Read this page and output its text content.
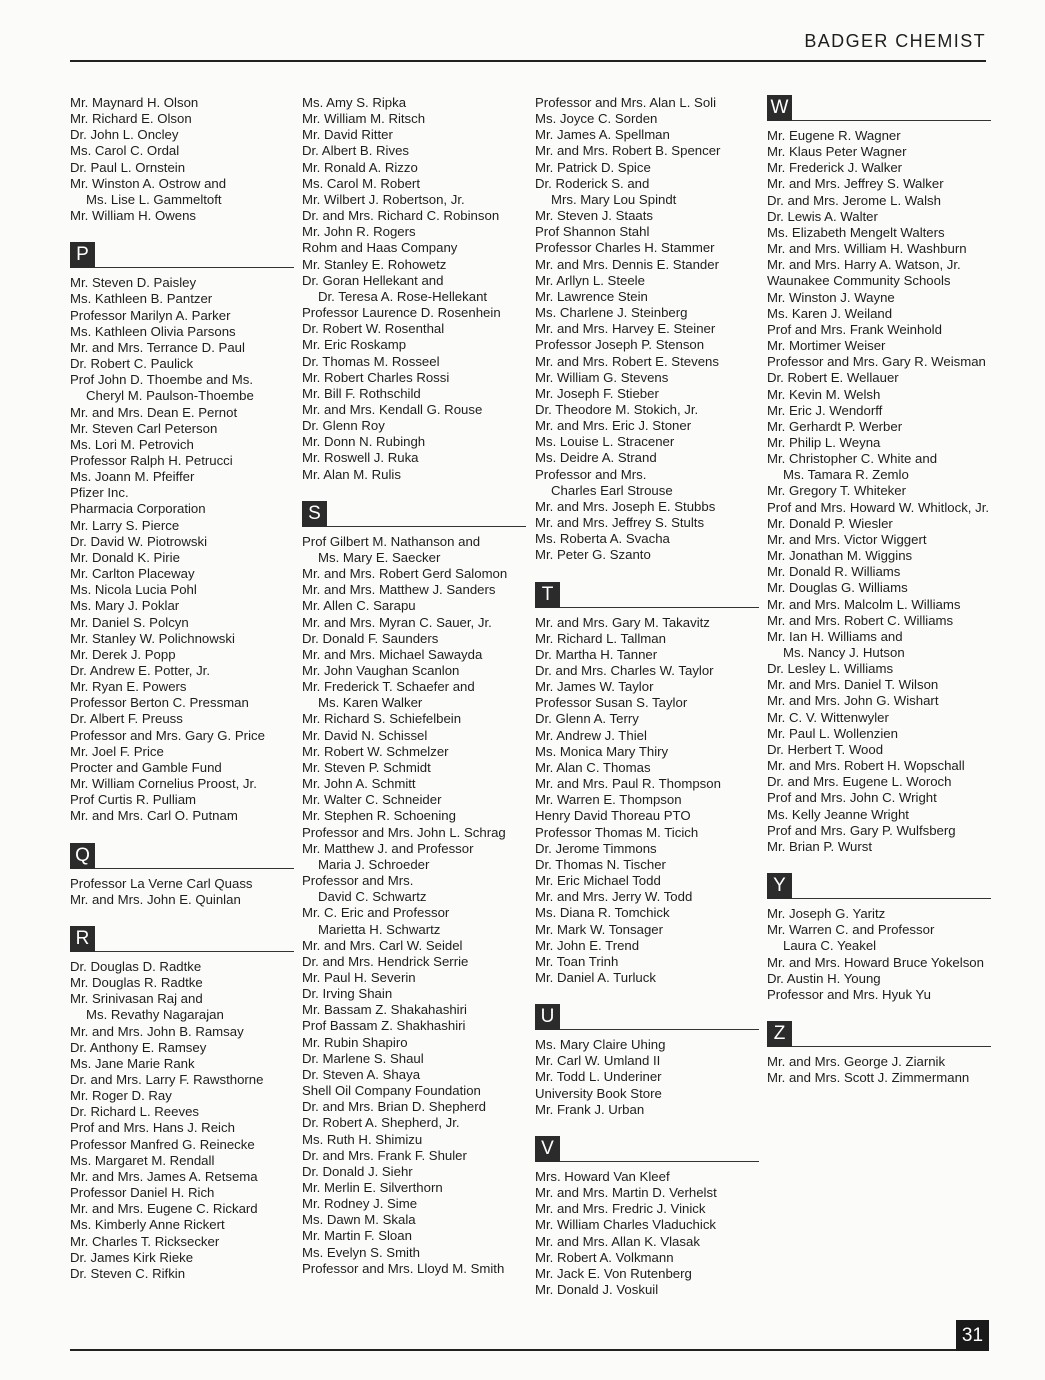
BADGER CHEMIST
Mr. Maynard H. Olson
Mr. Richard E. Olson
Dr. John L. Oncley
Ms. Carol C. Ordal
Dr. Paul L. Ornstein
Mr. Winston A. Ostrow and
Ms. Lise L. Gammeltoft
Mr. William H. Owens
P
Mr. Steven D. Paisley
Ms. Kathleen B. Pantzer
Professor Marilyn A. Parker
Ms. Kathleen Olivia Parsons
Mr. and Mrs. Terrance D. Paul
Dr. Robert C. Paulick
Prof John D. Thoembe and Ms.
Cheryl M. Paulson-Thoembe
Mr. and Mrs. Dean E. Pernot
Mr. Steven Carl Peterson
Ms. Lori M. Petrovich
Professor Ralph H. Petrucci
Ms. Joann M. Pfeiffer
Pfizer Inc.
Pharmacia Corporation
Mr. Larry S. Pierce
Dr. David W. Piotrowski
Mr. Donald K. Pirie
Mr. Carlton Placeway
Ms. Nicola Lucia Pohl
Ms. Mary J. Poklar
Mr. Daniel S. Polcyn
Mr. Stanley W. Polichnowski
Mr. Derek J. Popp
Dr. Andrew E. Potter, Jr.
Mr. Ryan E. Powers
Professor Berton C. Pressman
Dr. Albert F. Preuss
Professor and Mrs. Gary G. Price
Mr. Joel F. Price
Procter and Gamble Fund
Mr. William Cornelius Proost, Jr.
Prof Curtis R. Pulliam
Mr. and Mrs. Carl O. Putnam
Q
Professor La Verne Carl Quass
Mr. and Mrs. John E. Quinlan
R
Dr. Douglas D. Radtke
Mr. Douglas R. Radtke
Mr. Srinivasan Raj and
Ms. Revathy Nagarajan
Mr. and Mrs. John B. Ramsay
Dr. Anthony E. Ramsey
Ms. Jane Marie Rank
Dr. and Mrs. Larry F. Rawsthorne
Mr. Roger D. Ray
Dr. Richard L. Reeves
Prof and Mrs. Hans J. Reich
Professor Manfred G. Reinecke
Ms. Margaret M. Rendall
Mr. and Mrs. James A. Retsema
Professor Daniel H. Rich
Mr. and Mrs. Eugene C. Rickard
Ms. Kimberly Anne Rickert
Mr. Charles T. Ricksecker
Dr. James Kirk Rieke
Dr. Steven C. Rifkin
Ms. Amy S. Ripka
Mr. William M. Ritsch
Mr. David Ritter
Dr. Albert B. Rives
Mr. Ronald A. Rizzo
Ms. Carol M. Robert
Mr. Wilbert J. Robertson, Jr.
Dr. and Mrs. Richard C. Robinson
Mr. John R. Rogers
Rohm and Haas Company
Mr. Stanley E. Rohowetz
Dr. Goran Hellekant and
Dr. Teresa A. Rose-Hellekant
Professor Laurence D. Rosenhein
Dr. Robert W. Rosenthal
Mr. Eric Roskamp
Dr. Thomas M. Rosseel
Mr. Robert Charles Rossi
Mr. Bill F. Rothschild
Mr. and Mrs. Kendall G. Rouse
Dr. Glenn Roy
Mr. Donn N. Rubingh
Mr. Roswell J. Ruka
Mr. Alan M. Rulis
S
Prof Gilbert M. Nathanson and
Ms. Mary E. Saecker
Mr. and Mrs. Robert Gerd Salomon
Mr. and Mrs. Matthew J. Sanders
Mr. Allen C. Sarapu
Mr. and Mrs. Myran C. Sauer, Jr.
Dr. Donald F. Saunders
Mr. and Mrs. Michael Sawayda
Mr. John Vaughan Scanlon
Mr. Frederick T. Schaefer and
Ms. Karen Walker
Mr. Richard S. Schiefelbein
Mr. David N. Schissel
Mr. Robert W. Schmelzer
Mr. Steven P. Schmidt
Mr. John A. Schmitt
Mr. Walter C. Schneider
Mr. Stephen R. Schoening
Professor and Mrs. John L. Schrag
Mr. Matthew J. and Professor
Maria J. Schroeder
Professor and Mrs.
David C. Schwartz
Mr. C. Eric and Professor
Marietta H. Schwartz
Mr. and Mrs. Carl W. Seidel
Dr. and Mrs. Hendrick Serrie
Mr. Paul H. Severin
Dr. Irving Shain
Mr. Bassam Z. Shakahashiri
Prof Bassam Z. Shakhashiri
Mr. Rubin Shapiro
Dr. Marlene S. Shaul
Dr. Steven A. Shaya
Shell Oil Company Foundation
Dr. and Mrs. Brian D. Shepherd
Dr. Robert A. Shepherd, Jr.
Ms. Ruth H. Shimizu
Dr. and Mrs. Frank F. Shuler
Dr. Donald J. Siehr
Mr. Merlin E. Silverthorn
Mr. Rodney J. Sime
Ms. Dawn M. Skala
Mr. Martin F. Sloan
Ms. Evelyn S. Smith
Professor and Mrs. Lloyd M. Smith
Professor and Mrs. Alan L. Soli
Ms. Joyce C. Sorden
Mr. James A. Spellman
Mr. and Mrs. Robert B. Spencer
Mr. Patrick D. Spice
Dr. Roderick S. and
Mrs. Mary Lou Spindt
Mr. Steven J. Staats
Prof Shannon Stahl
Professor Charles H. Stammer
Mr. and Mrs. Dennis E. Stander
Mr. Arllyn L. Steele
Mr. Lawrence Stein
Ms. Charlene J. Steinberg
Mr. and Mrs. Harvey E. Steiner
Professor Joseph P. Stenson
Mr. and Mrs. Robert E. Stevens
Mr. William G. Stevens
Mr. Joseph F. Stieber
Dr. Theodore M. Stokich, Jr.
Mr. and Mrs. Eric J. Stoner
Ms. Louise L. Stracener
Ms. Deidre A. Strand
Professor and Mrs.
Charles Earl Strouse
Mr. and Mrs. Joseph E. Stubbs
Mr. and Mrs. Jeffrey S. Stults
Ms. Roberta A. Svacha
Mr. Peter G. Szanto
T
Mr. and Mrs. Gary M. Takavitz
Mr. Richard L. Tallman
Dr. Martha H. Tanner
Dr. and Mrs. Charles W. Taylor
Mr. James W. Taylor
Professor Susan S. Taylor
Dr. Glenn A. Terry
Mr. Andrew J. Thiel
Ms. Monica Mary Thiry
Mr. Alan C. Thomas
Mr. and Mrs. Paul R. Thompson
Mr. Warren E. Thompson
Henry David Thoreau PTO
Professor Thomas M. Ticich
Dr. Jerome Timmons
Dr. Thomas N. Tischer
Mr. Eric Michael Todd
Mr. and Mrs. Jerry W. Todd
Ms. Diana R. Tomchick
Mr. Mark W. Tonsager
Mr. John E. Trend
Mr. Toan Trinh
Mr. Daniel A. Turluck
U
Ms. Mary Claire Uhing
Mr. Carl W. Umland II
Mr. Todd L. Underiner
University Book Store
Mr. Frank J. Urban
V
Mrs. Howard Van Kleef
Mr. and Mrs. Martin D. Verhelst
Mr. and Mrs. Fredric J. Vinick
Mr. William Charles Vladuchick
Mr. and Mrs. Allan K. Vlasak
Mr. Robert A. Volkmann
Mr. Jack E. Von Rutenberg
Mr. Donald J. Voskuil
W
Mr. Eugene R. Wagner
Mr. Klaus Peter Wagner
Mr. Frederick J. Walker
Mr. and Mrs. Jeffrey S. Walker
Dr. and Mrs. Jerome L. Walsh
Dr. Lewis A. Walter
Ms. Elizabeth Mengelt Walters
Mr. and Mrs. William H. Washburn
Mr. and Mrs. Harry A. Watson, Jr.
Waunakee Community Schools
Mr. Winston J. Wayne
Ms. Karen J. Weiland
Prof and Mrs. Frank Weinhold
Mr. Mortimer Weiser
Professor and Mrs. Gary R. Weisman
Dr. Robert E. Wellauer
Mr. Kevin M. Welsh
Mr. Eric J. Wendorff
Mr. Gerhardt P. Werber
Mr. Philip L. Weyna
Mr. Christopher C. White and
Ms. Tamara R. Zemlo
Mr. Gregory T. Whiteker
Prof and Mrs. Howard W. Whitlock, Jr.
Mr. Donald P. Wiesler
Mr. and Mrs. Victor Wiggert
Mr. Jonathan M. Wiggins
Mr. Donald R. Williams
Mr. Douglas G. Williams
Mr. and Mrs. Malcolm L. Williams
Mr. and Mrs. Robert C. Williams
Mr. Ian H. Williams and
Ms. Nancy J. Hutson
Dr. Lesley L. Williams
Mr. and Mrs. Daniel T. Wilson
Mr. and Mrs. John G. Wishart
Mr. C. V. Wittenwyler
Mr. Paul L. Wollenzien
Dr. Herbert T. Wood
Mr. and Mrs. Robert H. Wopschall
Dr. and Mrs. Eugene L. Woroch
Prof and Mrs. John C. Wright
Ms. Kelly Jeanne Wright
Prof and Mrs. Gary P. Wulfsberg
Mr. Brian P. Wurst
Y
Mr. Joseph G. Yaritz
Mr. Warren C. and Professor
Laura C. Yeakel
Mr. and Mrs. Howard Bruce Yokelson
Dr. Austin H. Young
Professor and Mrs. Hyuk Yu
Z
Mr. and Mrs. George J. Ziarnik
Mr. and Mrs. Scott J. Zimmermann
31
